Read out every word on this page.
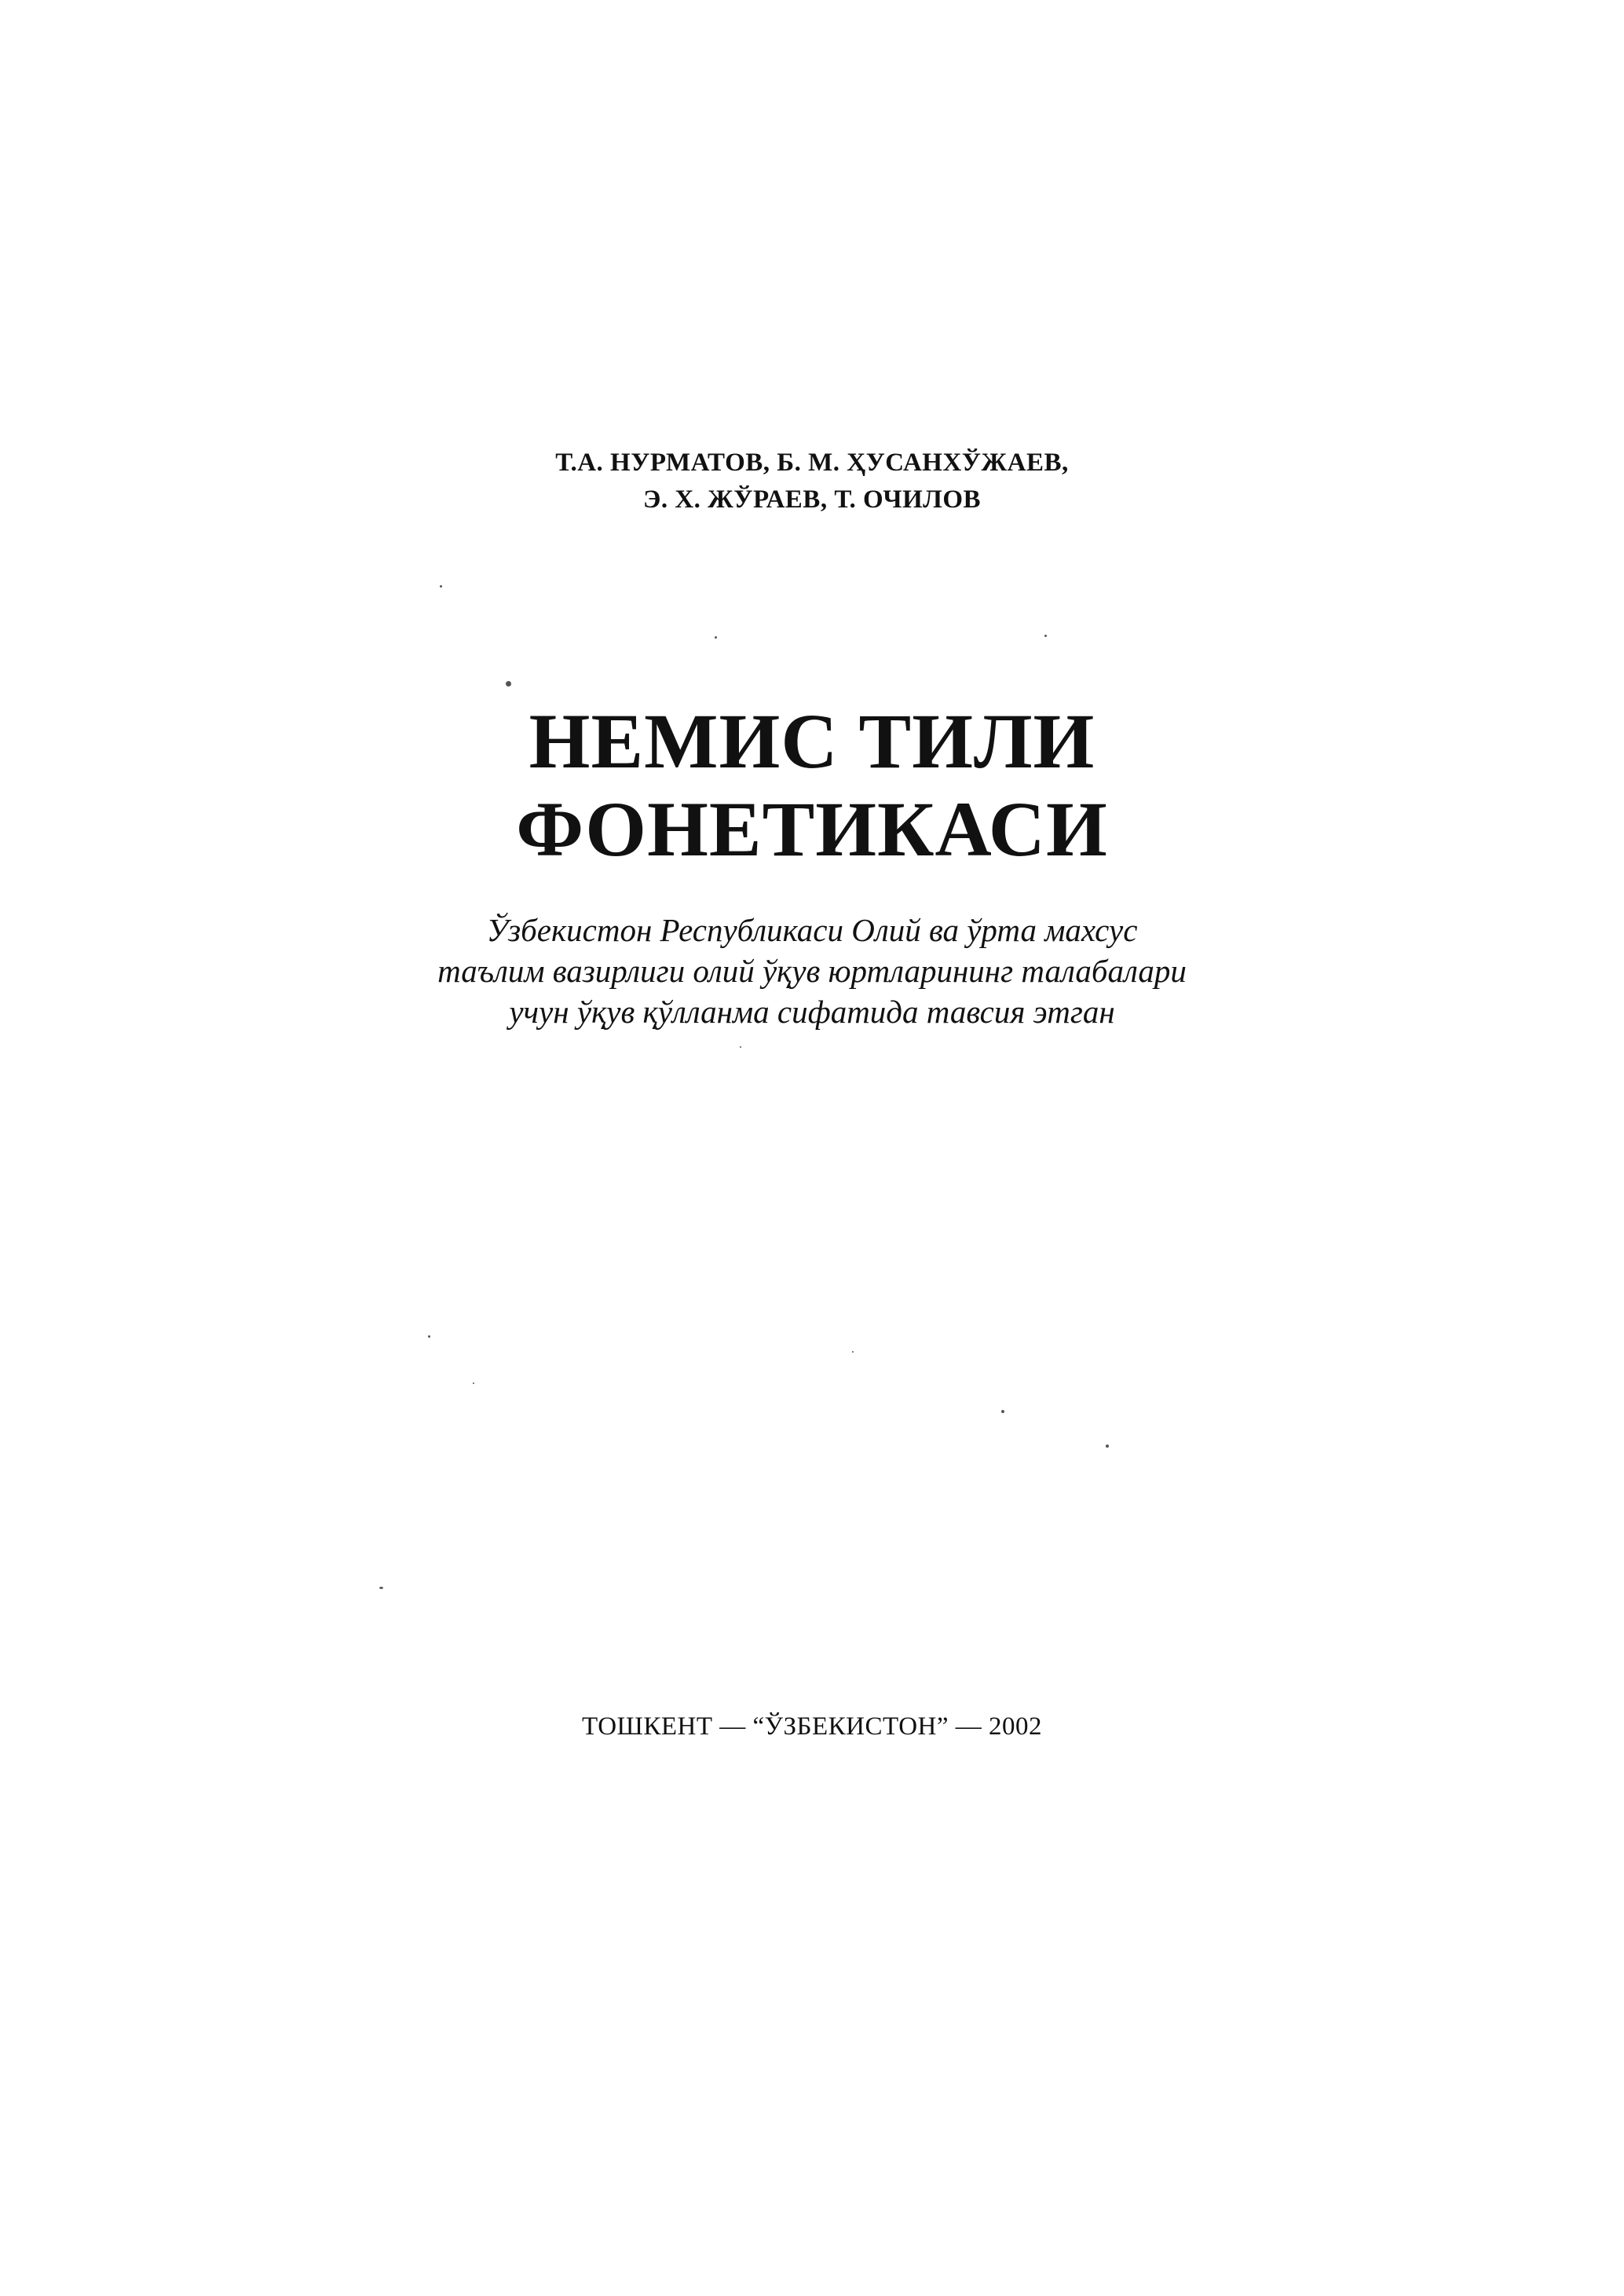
Т.А. НУРМАТОВ, Б. М. ҲУСАНХЎЖАЕВ,
Э. Х. ЖЎРАЕВ, Т. ОЧИЛОВ
НЕМИС ТИЛИ
ФОНЕТИКАСИ
Ўзбекистон Республикаси Олий ва ўрта махсус
таълим вазирлиги олий ўқув юртларининг талабалари
учун ўқув қўлланма сифатида тавсия этган
ТОШКЕНТ — “ЎЗБЕКИСТОН” — 2002
